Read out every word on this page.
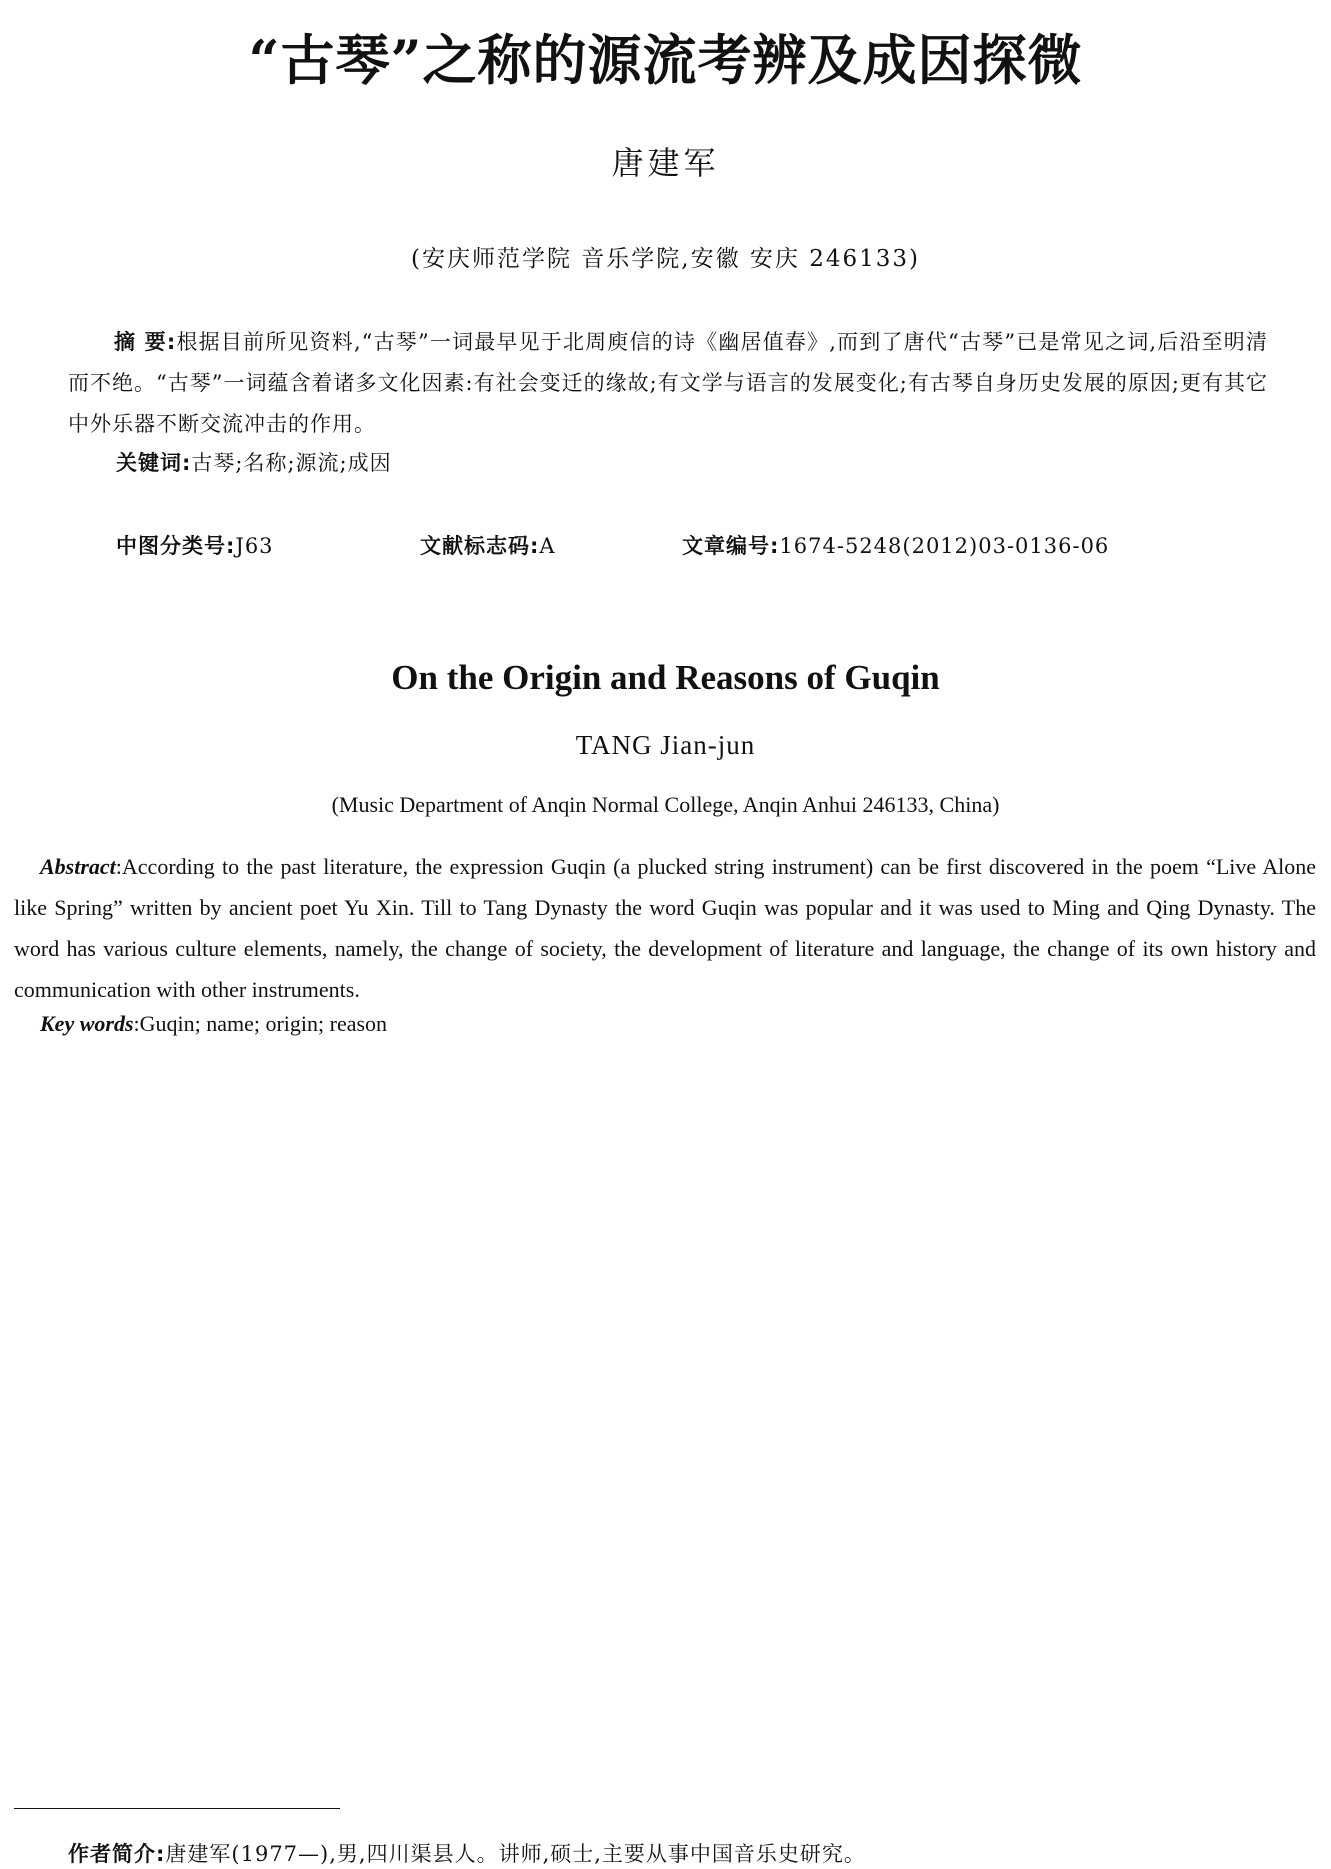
“古琴”之称的源流考辨及成因探微
唐建军
(安庆师范学院 音乐学院,安徽 安庆 246133)
摘 要:根据目前所见资料,“古琴”一词最早见于北周庾信的诗《幽居值春》,而到了唐代“古琴”已是常见之词,后沿至明清而不绝。“古琴”一词蕴含着诸多文化因素:有社会变迁的缘故;有文学与语言的发展变化;有古琴自身历史发展的原因;更有其它中外乐器不断交流冲击的作用。
关键词:古琴;名称;源流;成因
中图分类号:J63	文献标志码:A	文章编号:1674-5248(2012)03-0136-06
On the Origin and Reasons of Guqin
TANG Jian-jun
(Music Department of Anqin Normal College, Anqin Anhui 246133, China)
Abstract:According to the past literature, the expression Guqin (a plucked string instrument) can be first discovered in the poem “Live Alone like Spring” written by ancient poet Yu Xin. Till to Tang Dynasty the word Guqin was popular and it was used to Ming and Qing Dynasty. The word has various culture elements, namely, the change of society, the development of literature and language, the change of its own history and communication with other instruments.
Key words:Guqin; name; origin; reason
作者简介:唐建军(1977—),男,四川渠县人。讲师,硕士,主要从事中国音乐史研究。
